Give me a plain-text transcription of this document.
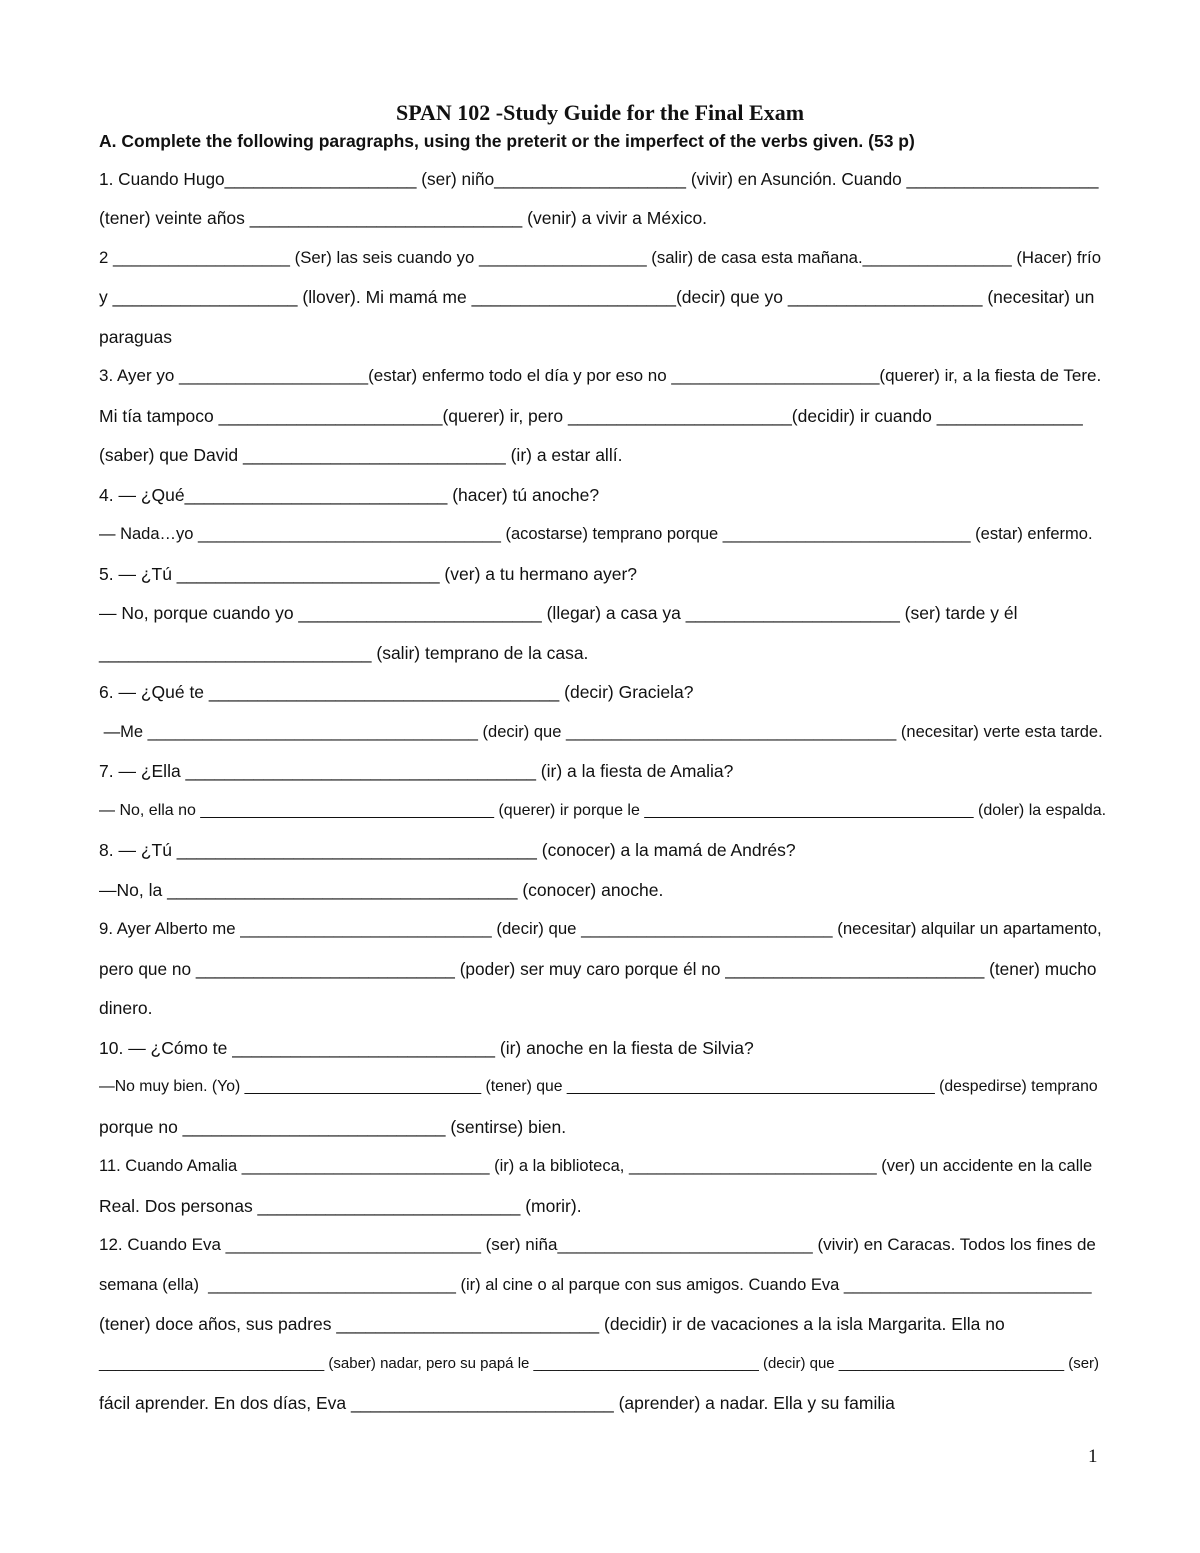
SPAN 102 -Study Guide for the Final Exam
A. Complete the following paragraphs, using the preterit or the imperfect of the verbs given. (53 p)
1. Cuando Hugo____________________ (ser) niño____________________ (vivir) en Asunción. Cuando ____________________
(tener) veinte años ____________________________ (venir) a vivir a México.
2 ___________________ (Ser) las seis cuando yo __________________ (salir) de casa esta mañana.________________ (Hacer) frío
y ___________________ (llover). Mi mamá me _____________________(decir) que yo ____________________ (necesitar) un
paraguas
3. Ayer yo ____________________(estar) enfermo todo el día y por eso no ______________________(querer) ir, a la fiesta de Tere.
Mi tía tampoco _______________________(querer) ir, pero _______________________(decidir) ir cuando _______________
(saber) que David ___________________________ (ir) a estar allí.
4. — ¿Qué___________________________ (hacer) tú anoche?
— Nada…yo _________________________________ (acostarse) temprano porque ___________________________ (estar) enfermo.
5. — ¿Tú ___________________________ (ver) a tu hermano ayer?
— No, porque cuando yo _________________________ (llegar) a casa ya ______________________ (ser) tarde y él
____________________________ (salir) temprano de la casa.
6. — ¿Qué te ____________________________________ (decir) Graciela?
—Me ____________________________________ (decir) que ____________________________________ (necesitar) verte esta tarde.
7. — ¿Ella ____________________________________ (ir) a la fiesta de Amalia?
— No, ella no _________________________________ (querer) ir porque le _____________________________________ (doler) la espalda.
8. — ¿Tú _____________________________________ (conocer) a la mamá de Andrés?
—No, la ____________________________________ (conocer) anoche.
9. Ayer Alberto me ___________________________ (decir) que ___________________________ (necesitar) alquilar un apartamento,
pero que no ___________________________ (poder) ser muy caro porque él no ___________________________ (tener) mucho
dinero.
10. — ¿Cómo te ___________________________ (ir) anoche en la fiesta de Silvia?
—No muy bien. (Yo) ___________________________ (tener) que __________________________________________ (despedirse) temprano
porque no ___________________________ (sentirse) bien.
11. Cuando Amalia ___________________________ (ir) a la biblioteca, ___________________________ (ver) un accidente en la calle
Real. Dos personas ___________________________ (morir).
12. Cuando Eva ___________________________ (ser) niña___________________________ (vivir) en Caracas. Todos los fines de
semana (ella)  ___________________________ (ir) al cine o al parque con sus amigos. Cuando Eva ___________________________
(tener) doce años, sus padres ___________________________ (decidir) ir de vacaciones a la isla Margarita. Ella no
___________________________ (saber) nadar, pero su papá le ___________________________ (decir) que ___________________________ (ser)
fácil aprender. En dos días, Eva ___________________________ (aprender) a nadar. Ella y su familia
1
